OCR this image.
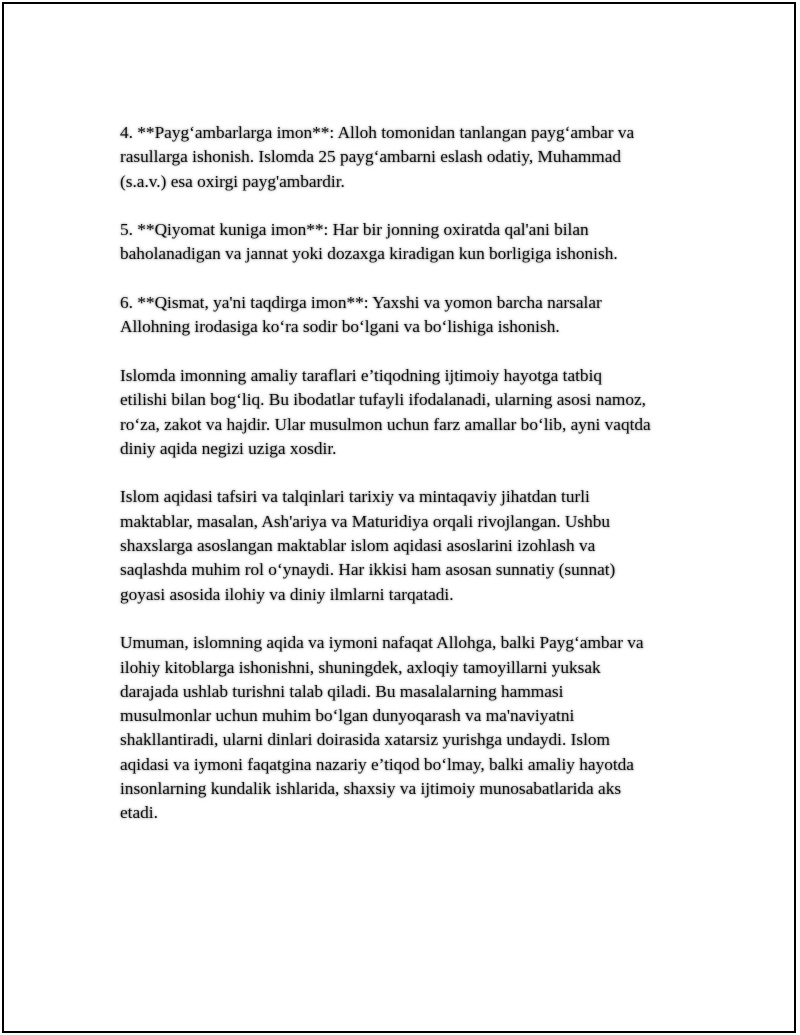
4. **Payg‘ambarlarga imon**: Alloh tomonidan tanlangan payg‘ambar va
rasullarga ishonish. Islomda 25 payg‘ambarni eslash odatiy, Muhammad
(s.a.v.) esa oxirgi payg'ambardir.

5. **Qiyomat kuniga imon**: Har bir jonning oxiratda qal'ani bilan
baholanadigan va jannat yoki dozaxga kiradigan kun borligiga ishonish.

6. **Qismat, ya'ni taqdirga imon**: Yaxshi va yomon barcha narsalar
Allohning irodasiga ko‘ra sodir bo‘lgani va bo‘lishiga ishonish.

Islomda imonning amaliy taraflari e’tiqodning ijtimoiy hayotga tatbiq
etilishi bilan bog‘liq. Bu ibodatlar tufayli ifodalanadi, ularning asosi namoz,
ro‘za, zakot va hajdir. Ular musulmon uchun farz amallar bo‘lib, ayni vaqtda
diniy aqida negizi uziga xosdir.

Islom aqidasi tafsiri va talqinlari tarixiy va mintaqaviy jihatdan turli
maktablar, masalan, Ash'ariya va Maturidiya orqali rivojlangan. Ushbu
shaxslarga asoslangan maktablar islom aqidasi asoslarini izohlash va
saqlashda muhim rol o‘ynaydi. Har ikkisi ham asosan sunnatiy (sunnat)
goyasi asosida ilohiy va diniy ilmlarni tarqatadi.

Umuman, islomning aqida va iymoni nafaqat Allohga, balki Payg‘ambar va
ilohiy kitoblarga ishonishni, shuningdek, axloqiy tamoyillarni yuksak
darajada ushlab turishni talab qiladi. Bu masalalarning hammasi
musulmonlar uchun muhim bo‘lgan dunyoqarash va ma'naviyatni
shakllantiradi, ularni dinlari doirasida xatarsiz yurishga undaydi. Islom
aqidasi va iymoni faqatgina nazariy e’tiqod bo‘lmay, balki amaliy hayotda
insonlarning kundalik ishlarida, shaxsiy va ijtimoiy munosabatlarida aks
etadi.
